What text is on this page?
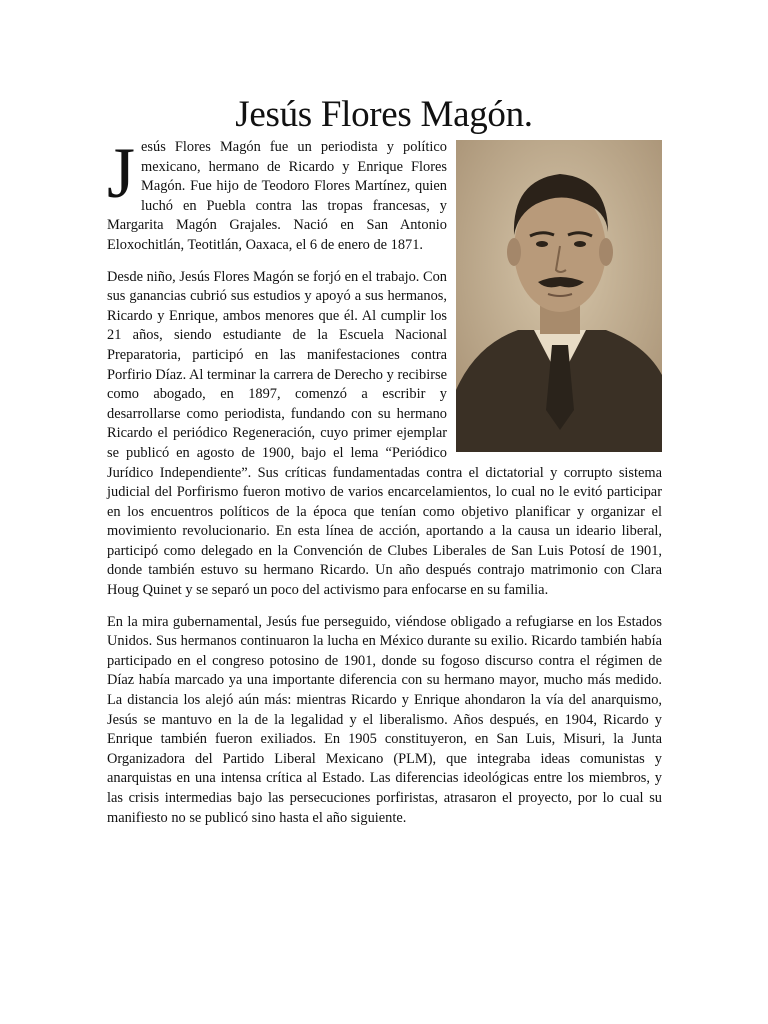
Jesús Flores Magón.

Jesús Flores Magón fue un periodista y político mexicano, hermano de Ricardo y Enrique Flores Magón. Fue hijo de Teodoro Flores Martínez, quien luchó en Puebla contra las tropas francesas, y Margarita Magón Grajales. Nació en San Antonio Eloxochitlán, Teotitlán, Oaxaca, el 6 de enero de 1871.

Desde niño, Jesús Flores Magón se forjó en el trabajo. Con sus ganancias cubrió sus estudios y apoyó a sus hermanos, Ricardo y Enrique, ambos menores que él. Al cumplir los 21 años, siendo estudiante de la Escuela Nacional Preparatoria, participó en las manifestaciones contra Porfirio Díaz. Al terminar la carrera de Derecho y recibirse como abogado, en 1897, comenzó a escribir y desarrollarse como periodista, fundando con su hermano Ricardo el periódico Regeneración, cuyo primer ejemplar se publicó en agosto de 1900, bajo el lema “Periódico Jurídico Independiente”. Sus críticas fundamentadas contra el dictatorial y corrupto sistema judicial del Porfirismo fueron motivo de varios encarcelamientos, lo cual no le evitó participar en los encuentros políticos de la época que tenían como objetivo planificar y organizar el movimiento revolucionario. En esta línea de acción, aportando a la causa un ideario liberal, participó como delegado en la Convención de Clubes Liberales de San Luis Potosí de 1901, donde también estuvo su hermano Ricardo. Un año después contrajo matrimonio con Clara Houg Quinet y se separó un poco del activismo para enfocarse en su familia.

En la mira gubernamental, Jesús fue perseguido, viéndose obligado a refugiarse en los Estados Unidos. Sus hermanos continuaron la lucha en México durante su exilio. Ricardo también había participado en el congreso potosino de 1901, donde su fogoso discurso contra el régimen de Díaz había marcado ya una importante diferencia con su hermano mayor, mucho más medido. La distancia los alejó aún más: mientras Ricardo y Enrique ahondaron la vía del anarquismo, Jesús se mantuvo en la de la legalidad y el liberalismo. Años después, en 1904, Ricardo y Enrique también fueron exiliados. En 1905 constituyeron, en San Luis, Misuri, la Junta Organizadora del Partido Liberal Mexicano (PLM), que integraba ideas comunistas y anarquistas en una intensa crítica al Estado. Las diferencias ideológicas entre los miembros, y las crisis intermedias bajo las persecuciones porfiristas, atrasaron el proyecto, por lo cual su manifiesto no se publicó sino hasta el año siguiente.
